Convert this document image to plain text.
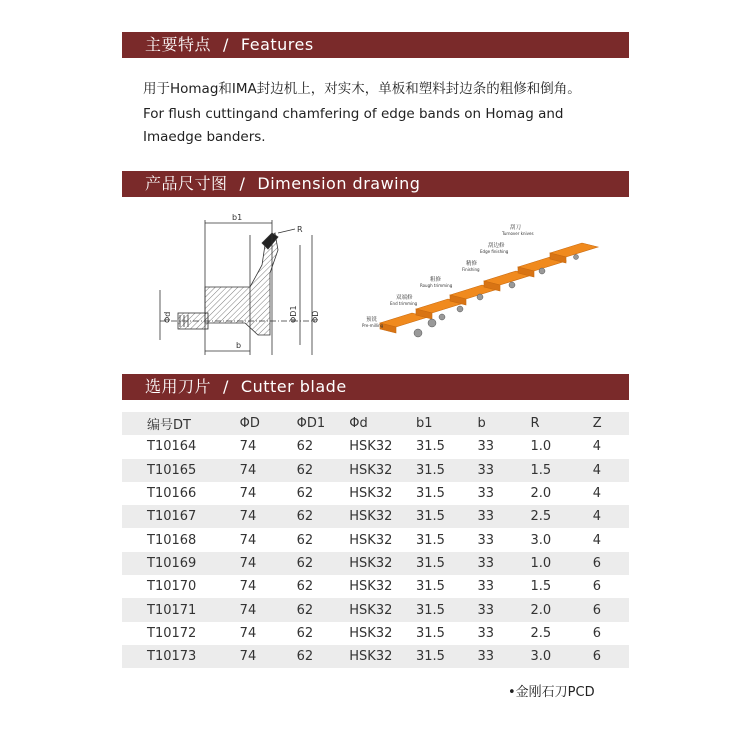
主要特点 / Features
用于Homag和IMA封边机上，对实木，单板和塑料封边条的粗修和倒角。
For flush cuttingand chamfering of edge bands on Homag and
Imaedge banders.
产品尺寸图 / Dimension drawing
b1
R
Φd	ΦD1 ΦD
b
预铣
Pre-milling
双端修
End trimming
粗修
Rough trimming
精修
Finishing
刮边修
Edge finishing
刮刀
Turnover knives
选用刀片 / Cutter blade
编号DT	ΦD	ΦD1	Φd	b1	b	R	Z
T10164	74	62	HSK32	31.5	33	1.0	4
T10165	74	62	HSK32	31.5	33	1.5	4
T10166	74	62	HSK32	31.5	33	2.0	4
T10167	74	62	HSK32	31.5	33	2.5	4
T10168	74	62	HSK32	31.5	33	3.0	4
T10169	74	62	HSK32	31.5	33	1.0	6
T10170	74	62	HSK32	31.5	33	1.5	6
T10171	74	62	HSK32	31.5	33	2.0	6
T10172	74	62	HSK32	31.5	33	2.5	6
T10173	74	62	HSK32	31.5	33	3.0	6
•金刚石刀PCD
